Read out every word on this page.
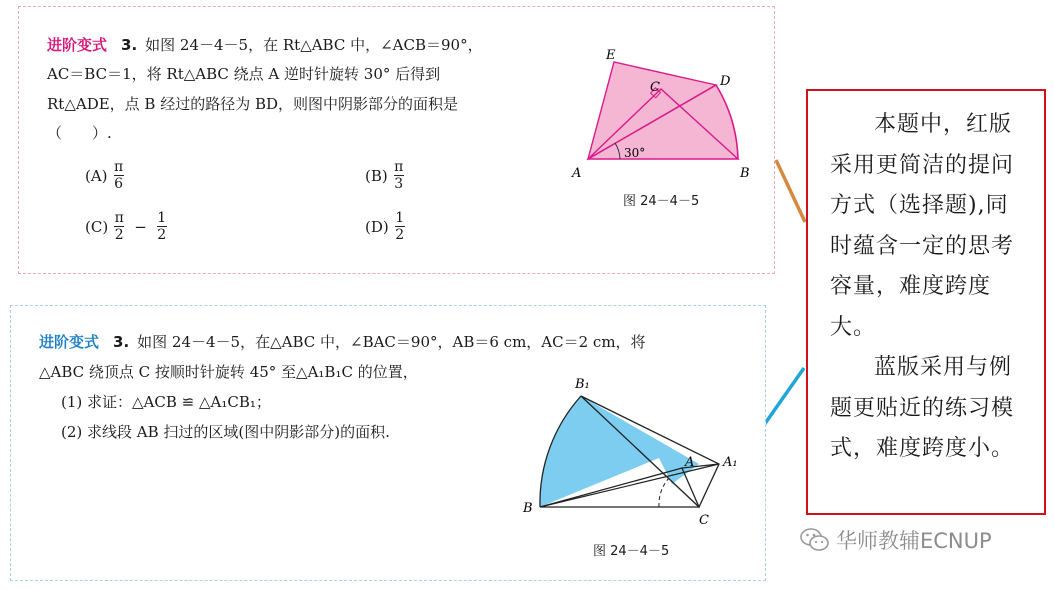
进阶变式 3. 如图 24－4－5，在 Rt△ABC 中，∠ACB＝90°，
AC＝BC＝1，将 Rt△ABC 绕点 A 逆时针旋转 30° 后得到
Rt△ADE，点 B 经过的路径为 BD，则图中阴影部分的面积是
（　　）.
$(A) \frac{\pi}{6}$	$(B) \frac{\pi}{3}$
$(C) \frac{\pi}{2} - \frac{1}{2}$	$(D) \frac{1}{2}$
E
C	D
A	B
30°
图 24－4－5
进阶变式 3. 如图 24－4－5，在△ABC 中，∠BAC＝90°，AB＝6 cm，AC＝2 cm，将
△ABC 绕顶点 C 按顺时针旋转 45° 至△A₁B₁C 的位置，
(1) 求证：△ACB ≌ △A₁CB₁；
(2) 求线段 AB 扫过的区域(图中阴影部分)的面积.
B₁
A A₁
B
C
图 24－4－5

本题中，红版采用更简洁的提问方式（选择题),同时蕴含一定的思考容量，难度跨度大。

蓝版采用与例题更贴近的练习模式，难度跨度小。

华师教辅ECNUP
